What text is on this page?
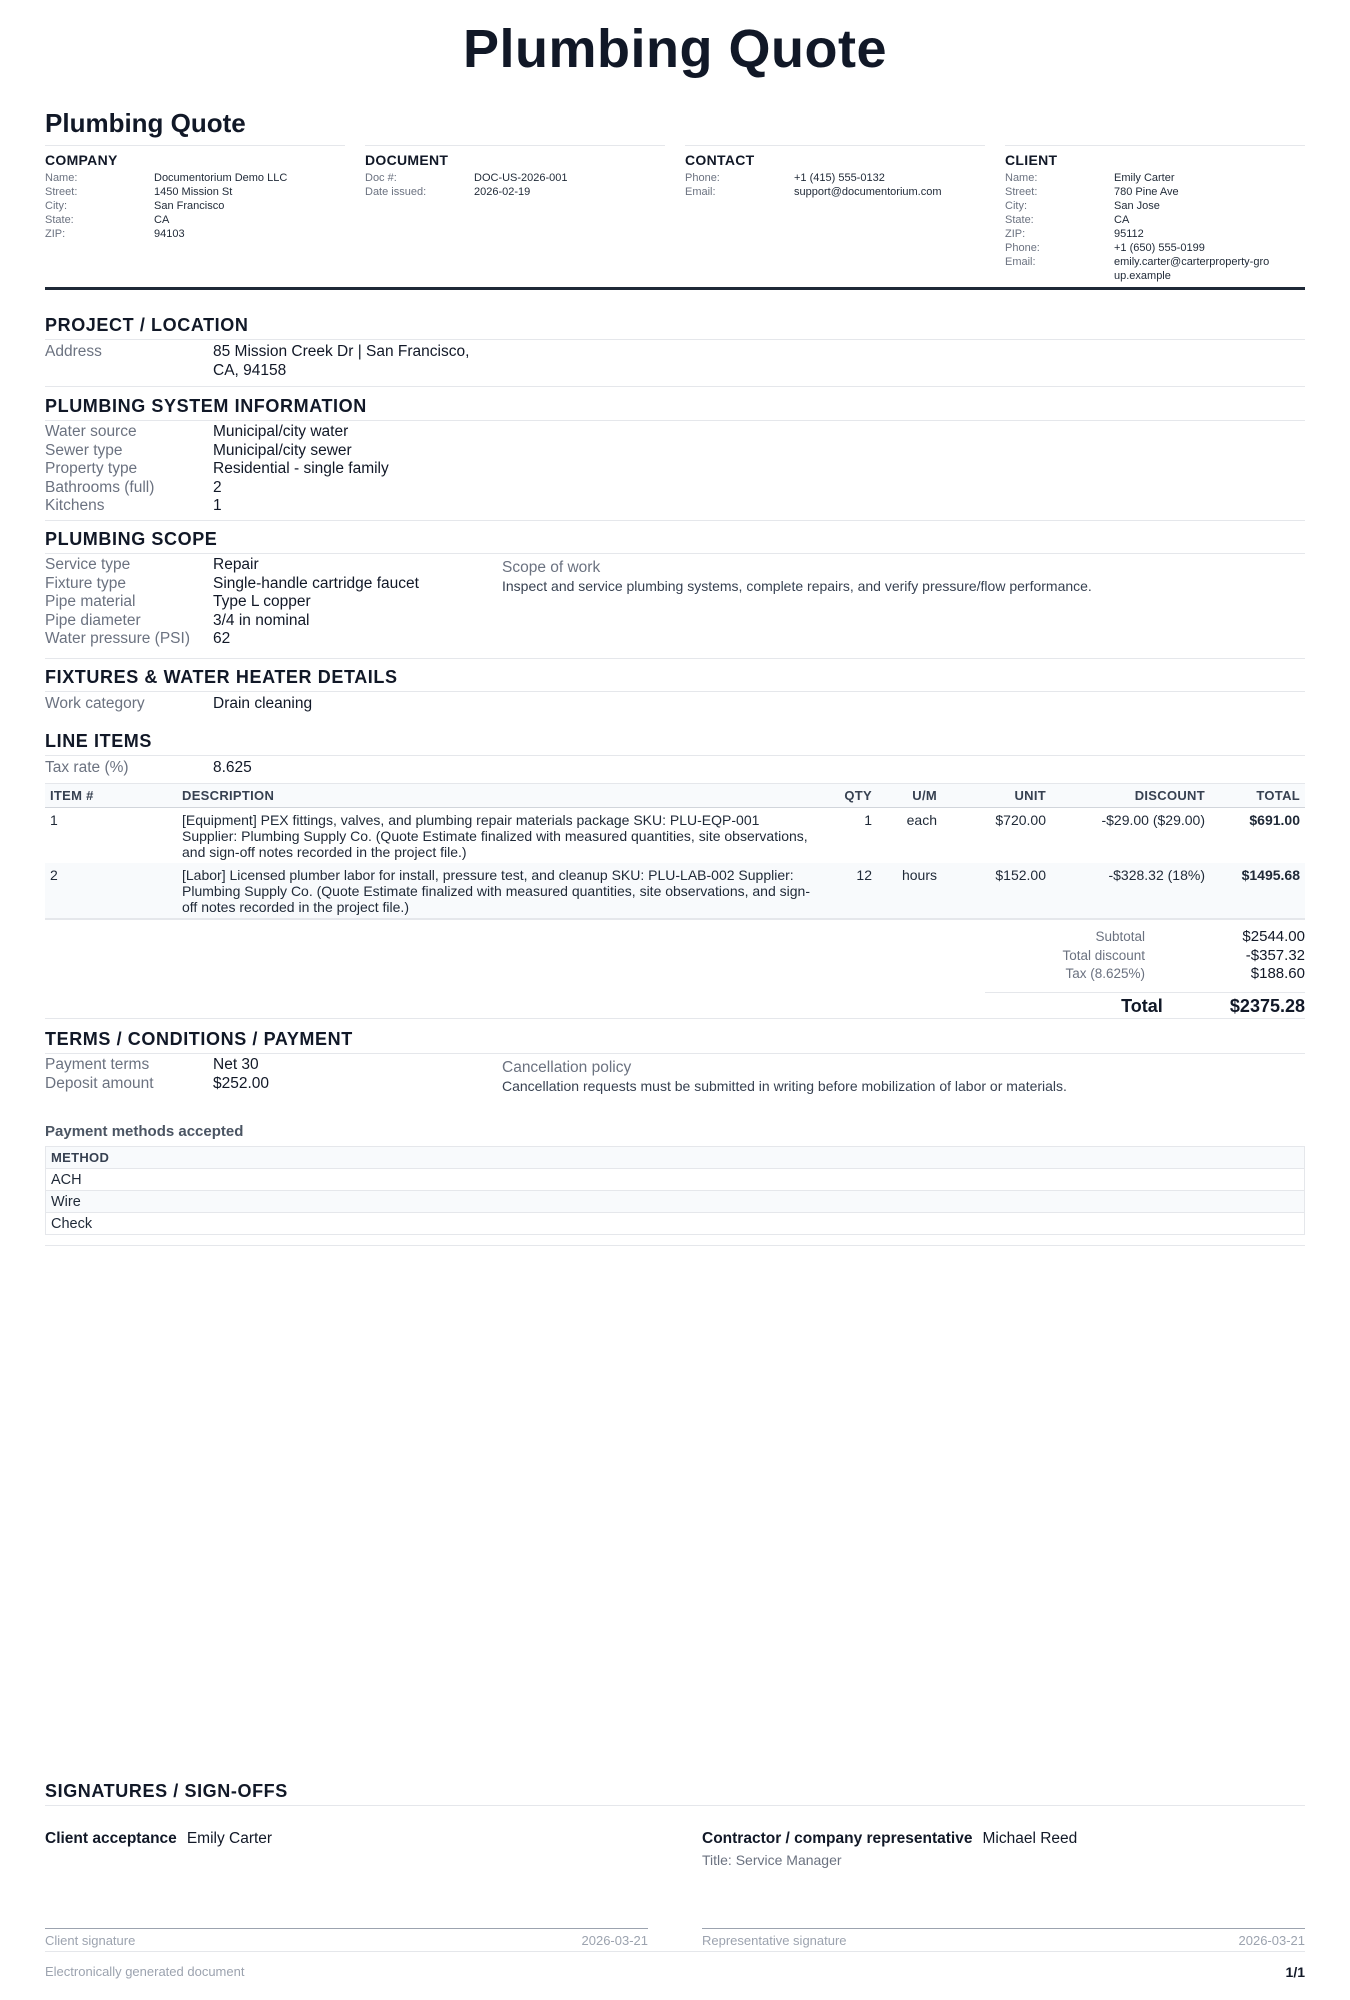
Plumbing Quote
Plumbing Quote
COMPANY
Name:	Documentorium Demo LLC
Street:	1450 Mission St
City:	San Francisco
State:	CA
ZIP:	94103
DOCUMENT
Doc #:	DOC-US-2026-001
Date issued:	2026-02-19
CONTACT
Phone:	+1 (415) 555-0132
Email:	support@documentorium.com
CLIENT
Name:	Emily Carter
Street:	780 Pine Ave
City:	San Jose
State:	CA
ZIP:	95112
Phone:	+1 (650) 555-0199
Email:	emily.carter@carterproperty-group.example
PROJECT / LOCATION
Address	85 Mission Creek Dr | San Francisco,
CA, 94158
PLUMBING SYSTEM INFORMATION
Water source	Municipal/city water
Sewer type	Municipal/city sewer
Property type	Residential - single family
Bathrooms (full)	2
Kitchens	1
PLUMBING SCOPE
Service type	Repair
Fixture type	Single-handle cartridge faucet
Pipe material	Type L copper
Pipe diameter	3/4 in nominal
Water pressure (PSI)	62
Scope of work
Inspect and service plumbing systems, complete repairs, and verify pressure/flow performance.
FIXTURES & WATER HEATER DETAILS
Work category	Drain cleaning
LINE ITEMS
Tax rate (%)	8.625
ITEM #	DESCRIPTION	QTY	U/M	UNIT	DISCOUNT	TOTAL
1	[Equipment] PEX fittings, valves, and plumbing repair materials package SKU: PLU-EQP-001 Supplier: Plumbing Supply Co. (Quote Estimate finalized with measured quantities, site observations, and sign-off notes recorded in the project file.)	1	each	$720.00	-$29.00 ($29.00)	$691.00
2	[Labor] Licensed plumber labor for install, pressure test, and cleanup SKU: PLU-LAB-002 Supplier: Plumbing Supply Co. (Quote Estimate finalized with measured quantities, site observations, and sign-off notes recorded in the project file.)	12	hours	$152.00	-$328.32 (18%)	$1495.68
Subtotal	$2544.00
Total discount	-$357.32
Tax (8.625%)	$188.60
Total	$2375.28
TERMS / CONDITIONS / PAYMENT
Payment terms	Net 30
Deposit amount	$252.00
Cancellation policy
Cancellation requests must be submitted in writing before mobilization of labor or materials.
Payment methods accepted
METHOD
ACH
Wire
Check
SIGNATURES / SIGN-OFFS
Client acceptance Emily Carter	Contractor / company representative Michael Reed
Title: Service Manager
Client signature	2026-03-21	Representative signature	2026-03-21
Electronically generated document	1/1
